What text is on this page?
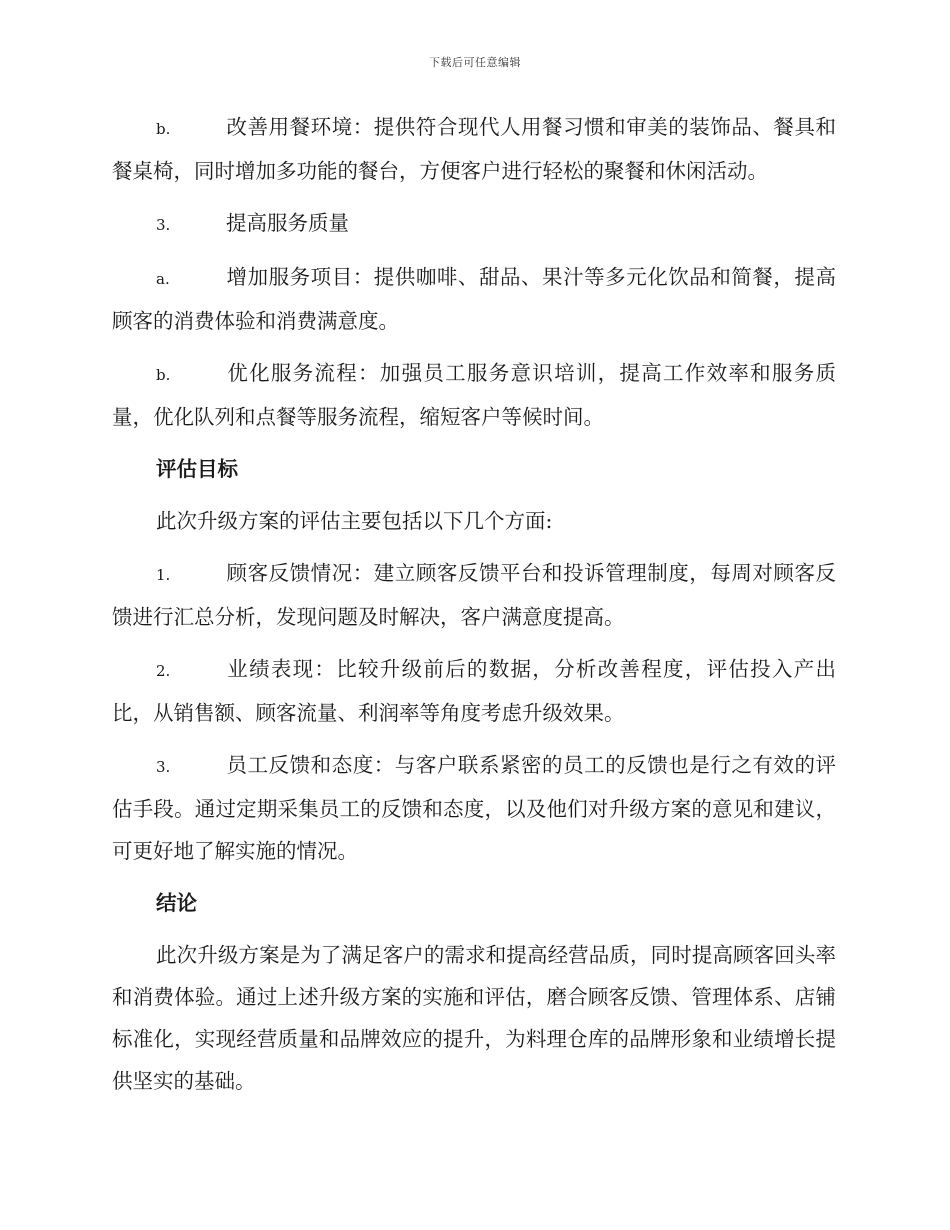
下载后可任意编辑

b.	改善用餐环境：提供符合现代人用餐习惯和审美的装饰品、餐具和餐桌椅，同时增加多功能的餐台，方便客户进行轻松的聚餐和休闲活动。

3.	提高服务质量

a.	增加服务项目：提供咖啡、甜品、果汁等多元化饮品和简餐，提高顾客的消费体验和消费满意度。

b.	优化服务流程：加强员工服务意识培训，提高工作效率和服务质量，优化队列和点餐等服务流程，缩短客户等候时间。

评估目标

此次升级方案的评估主要包括以下几个方面:

1.	顾客反馈情况：建立顾客反馈平台和投诉管理制度，每周对顾客反馈进行汇总分析，发现问题及时解决，客户满意度提高。

2.	业绩表现：比较升级前后的数据，分析改善程度，评估投入产出比，从销售额、顾客流量、利润率等角度考虑升级效果。

3.	员工反馈和态度：与客户联系紧密的员工的反馈也是行之有效的评估手段。通过定期采集员工的反馈和态度，以及他们对升级方案的意见和建议，可更好地了解实施的情况。

结论

此次升级方案是为了满足客户的需求和提高经营品质，同时提高顾客回头率和消费体验。通过上述升级方案的实施和评估，磨合顾客反馈、管理体系、店铺标准化，实现经营质量和品牌效应的提升，为料理仓库的品牌形象和业绩增长提供坚实的基础。
